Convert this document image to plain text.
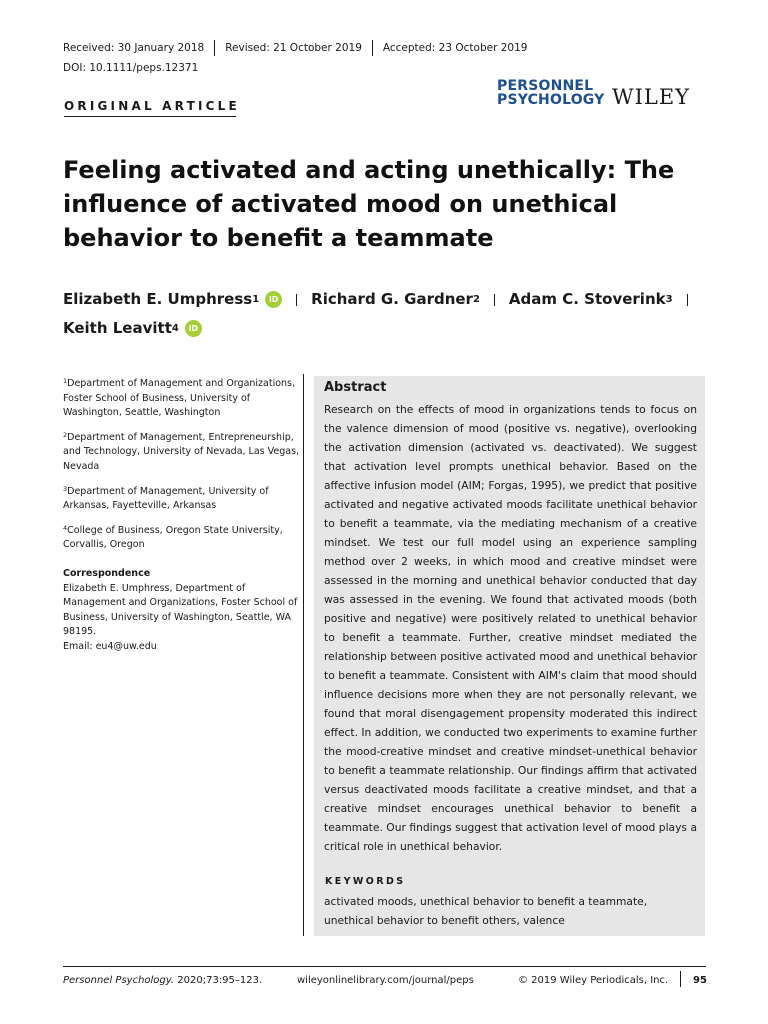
Received: 30 January 2018 Revised: 21 October 2019 Accepted: 23 October 2019
DOI: 10.1111/peps.12371
ORIGINAL ARTICLE
PERSONNEL
PSYCHOLOGY WILEY
Feeling activated and acting unethically: The influence of activated mood on unethical behavior to benefit a teammate
Elizabeth E. Umphress 1	iD Richard G. Gardner 2 Adam C. Stoverink 3
Keith Leavitt 4	iD

$^1$Department of Management and Organizations, Foster School of Business, University of Washington, Seattle, Washington

$^2$Department of Management, Entrepreneurship, and Technology, University of Nevada, Las Vegas, Nevada

$^3$Department of Management, University of Arkansas, Fayetteville, Arkansas

$^4$College of Business, Oregon State University, Corvallis, Oregon

Correspondence
Elizabeth E. Umphress, Department of Management and Organizations, Foster School of Business, University of Washington, Seattle, WA 98195.
Email: eu4@uw.edu
Abstract
Research on the effects of mood in organizations tends to focus on the valence dimension of mood (positive vs. negative), overlooking the activation dimension (activated vs. deactivated). We suggest that activation level prompts unethical behavior. Based on the affective infusion model (AIM; Forgas, 1995), we predict that positive activated and negative activated moods facilitate unethical behavior to benefit a teammate, via the mediating mechanism of a creative mindset. We test our full model using an experience sampling method over 2 weeks, in which mood and creative mindset were assessed in the morning and unethical behavior conducted that day was assessed in the evening. We found that activated moods (both positive and negative) were positively related to unethical behavior to benefit a teammate. Further, creative mindset mediated the relationship between positive activated mood and unethical behavior to benefit a teammate. Consistent with AIM's claim that mood should influence decisions more when they are not personally relevant, we found that moral disengagement propensity moderated this indirect effect. In addition, we conducted two experiments to examine further the mood-creative mindset and creative mindset-unethical behavior to benefit a teammate relationship. Our findings affirm that activated versus deactivated moods facilitate a creative mindset, and that a creative mindset encourages unethical behavior to benefit a teammate. Our findings suggest that activation level of mood plays a critical role in unethical behavior.
KEYWORDS
activated moods, unethical behavior to benefit a teammate, unethical behavior to benefit others, valence
Personnel Psychology. 2020;73:95–123.	wileyonlinelibrary.com/journal/peps	© 2019 Wiley Periodicals, Inc. 95
